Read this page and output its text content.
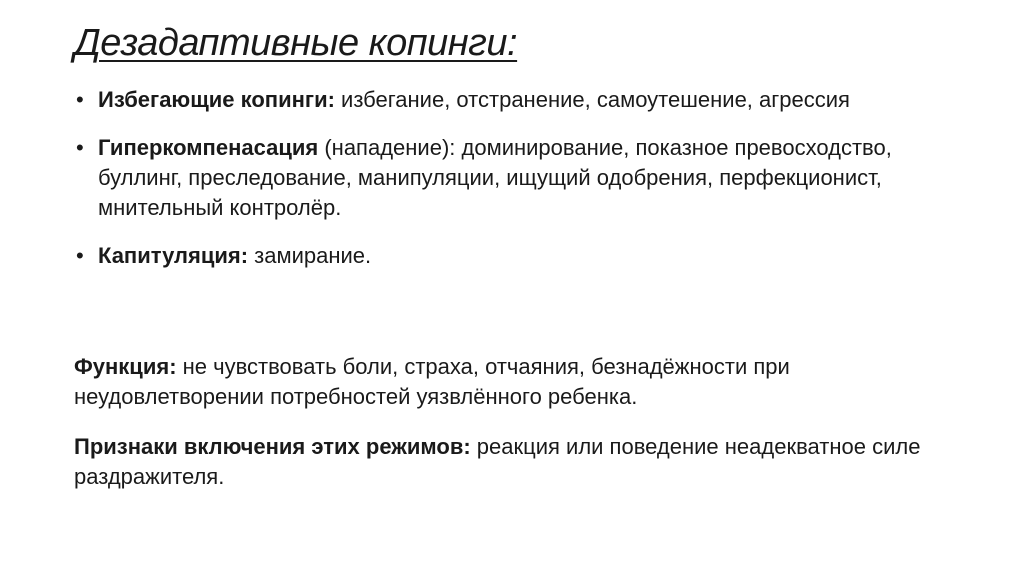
Дезадаптивные копинги:
• Избегающие копинги: избегание, отстранение, самоутешение, агрессия
• Гиперкомпенасация (нападение): доминирование, показное превосходство, буллинг, преследование, манипуляции, ищущий одобрения, перфекционист, мнительный контролёр.
• Капитуляция: замирание.

Функция: не чувствовать боли, страха, отчаяния, безнадёжности при неудовлетворении потребностей уязвлённого ребенка.

Признаки включения этих режимов: реакция или поведение неадекватное силе раздражителя.
